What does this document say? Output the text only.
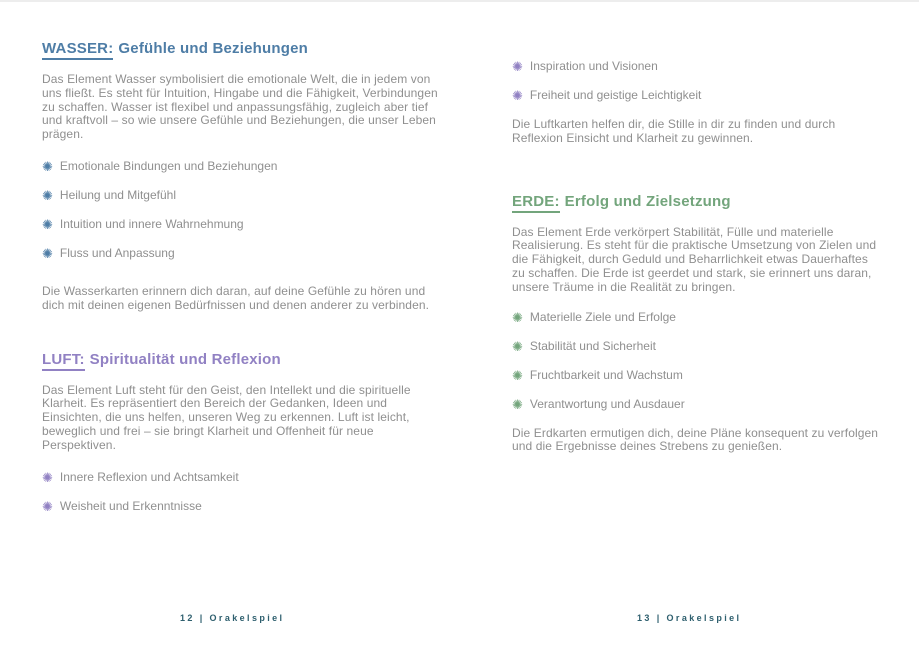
WASSER: Gefühle und Beziehungen

Das Element Wasser symbolisiert die emotionale Welt, die in jedem von uns fließt. Es steht für Intuition, Hingabe und die Fähigkeit, Verbindungen zu schaffen. Wasser ist flexibel und anpassungsfähig, zugleich aber tief und kraftvoll – so wie unsere Gefühle und Beziehungen, die unser Leben prägen.

✺ Emotionale Bindungen und Beziehungen
✺ Heilung und Mitgefühl
✺ Intuition und innere Wahrnehmung
✺ Fluss und Anpassung

Die Wasserkarten erinnern dich daran, auf deine Gefühle zu hören und dich mit deinen eigenen Bedürfnissen und denen anderer zu verbinden.

LUFT: Spiritualität und Reflexion

Das Element Luft steht für den Geist, den Intellekt und die spirituelle Klarheit. Es repräsentiert den Bereich der Gedanken, Ideen und Einsichten, die uns helfen, unseren Weg zu erkennen. Luft ist leicht, beweglich und frei – sie bringt Klarheit und Offenheit für neue Perspektiven.

✺ Innere Reflexion und Achtsamkeit
✺ Weisheit und Erkenntnisse
✺ Inspiration und Visionen
✺ Freiheit und geistige Leichtigkeit

Die Luftkarten helfen dir, die Stille in dir zu finden und durch Reflexion Einsicht und Klarheit zu gewinnen.

ERDE: Erfolg und Zielsetzung

Das Element Erde verkörpert Stabilität, Fülle und materielle Realisierung. Es steht für die praktische Umsetzung von Zielen und die Fähigkeit, durch Geduld und Beharrlichkeit etwas Dauerhaftes zu schaffen. Die Erde ist geerdet und stark, sie erinnert uns daran, unsere Träume in die Realität zu bringen.

✺ Materielle Ziele und Erfolge
✺ Stabilität und Sicherheit
✺ Fruchtbarkeit und Wachstum
✺ Verantwortung und Ausdauer

Die Erdkarten ermutigen dich, deine Pläne konsequent zu verfolgen und die Ergebnisse deines Strebens zu genießen.

12 | Orakelspiel	13 | Orakelspiel
